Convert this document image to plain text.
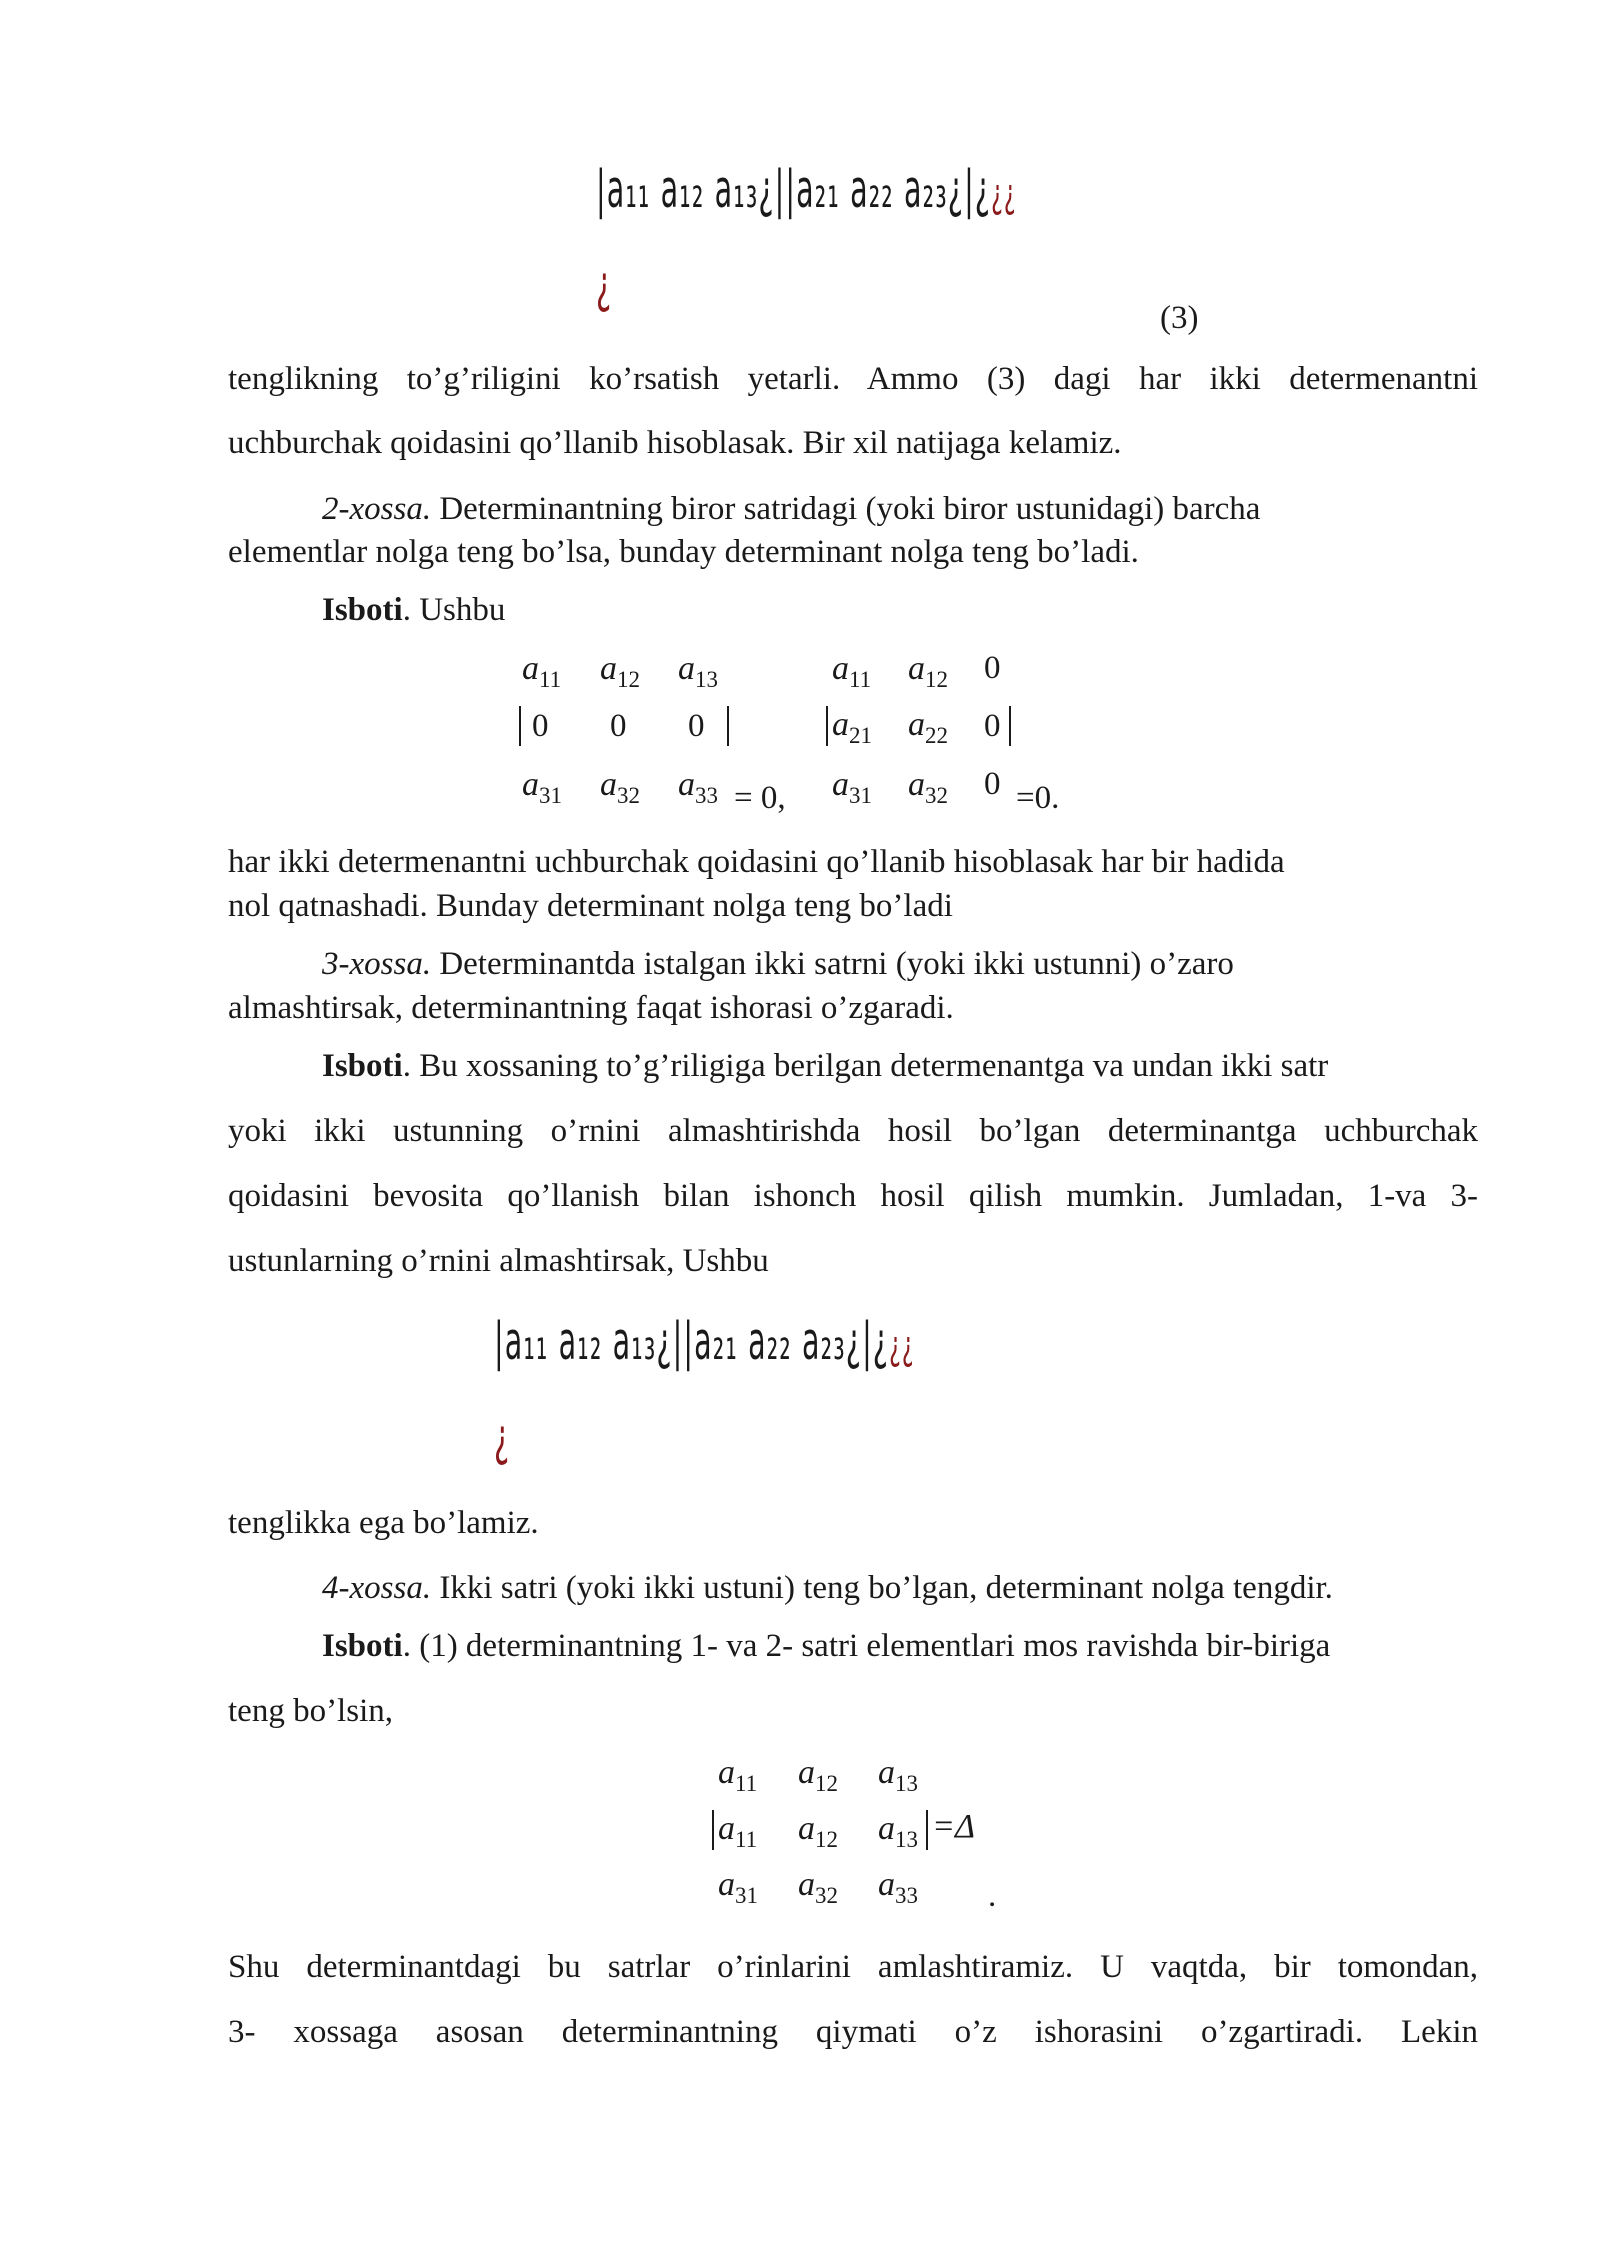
|a₁₁ a₁₂ a₁₃¿||a₂₁ a₂₂ a₂₃¿|¿¿¿
¿
(3)
tenglikning to’g’riligini ko’rsatish yetarli. Ammo (3) dagi har ikki determenantni
uchburchak qoidasini qo’llanib hisoblasak. Bir xil natijaga kelamiz.
2-xossa. Determinantning biror satridagi (yoki biror ustunidagi) barcha
elementlar nolga teng bo’lsa, bunday determinant nolga teng bo’ladi.
Isboti. Ushbu
$a_{11}$ $a_{12}$ $a_{13}$
0 0 0
$a_{31}$ $a_{32}$ $a_{33} = 0$,
$a_{11}$ $a_{12}$ 0
$a_{21}$ $a_{22}$ 0
$a_{31}$ $a_{32}$ 0 =0.
har ikki determenantni uchburchak qoidasini qo’llanib hisoblasak har bir hadida
nol qatnashadi. Bunday determinant nolga teng bo’ladi
3-xossa. Determinantda istalgan ikki satrni (yoki ikki ustunni) o’zaro
almashtirsak, determinantning faqat ishorasi o’zgaradi.
Isboti. Bu xossaning to’g’riligiga berilgan determenantga va undan ikki satr
yoki ikki ustunning o’rnini almashtirishda hosil bo’lgan determinantga uchburchak
qoidasini bevosita qo’llanish bilan ishonch hosil qilish mumkin. Jumladan, 1-va 3-
ustunlarning o’rnini almashtirsak, Ushbu
|a₁₁ a₁₂ a₁₃¿||a₂₁ a₂₂ a₂₃¿|¿¿¿
¿
tenglikka ega bo’lamiz.
4-xossa. Ikki satri (yoki ikki ustuni) teng bo’lgan, determinant nolga tengdir.
Isboti. (1) determinantning 1- va 2- satri elementlari mos ravishda bir-biriga
teng bo’lsin,
$a_{11}$ $a_{12}$ $a_{13}$
$a_{11}$ $a_{12}$ $a_{13} =\Delta$
$a_{31}$ $a_{32}$ $a_{33}$ .
Shu determinantdagi bu satrlar o’rinlarini amlashtiramiz. U vaqtda, bir tomondan,
3- xossaga asosan determinantning qiymati o’z ishorasini o’zgartiradi. Lekin
